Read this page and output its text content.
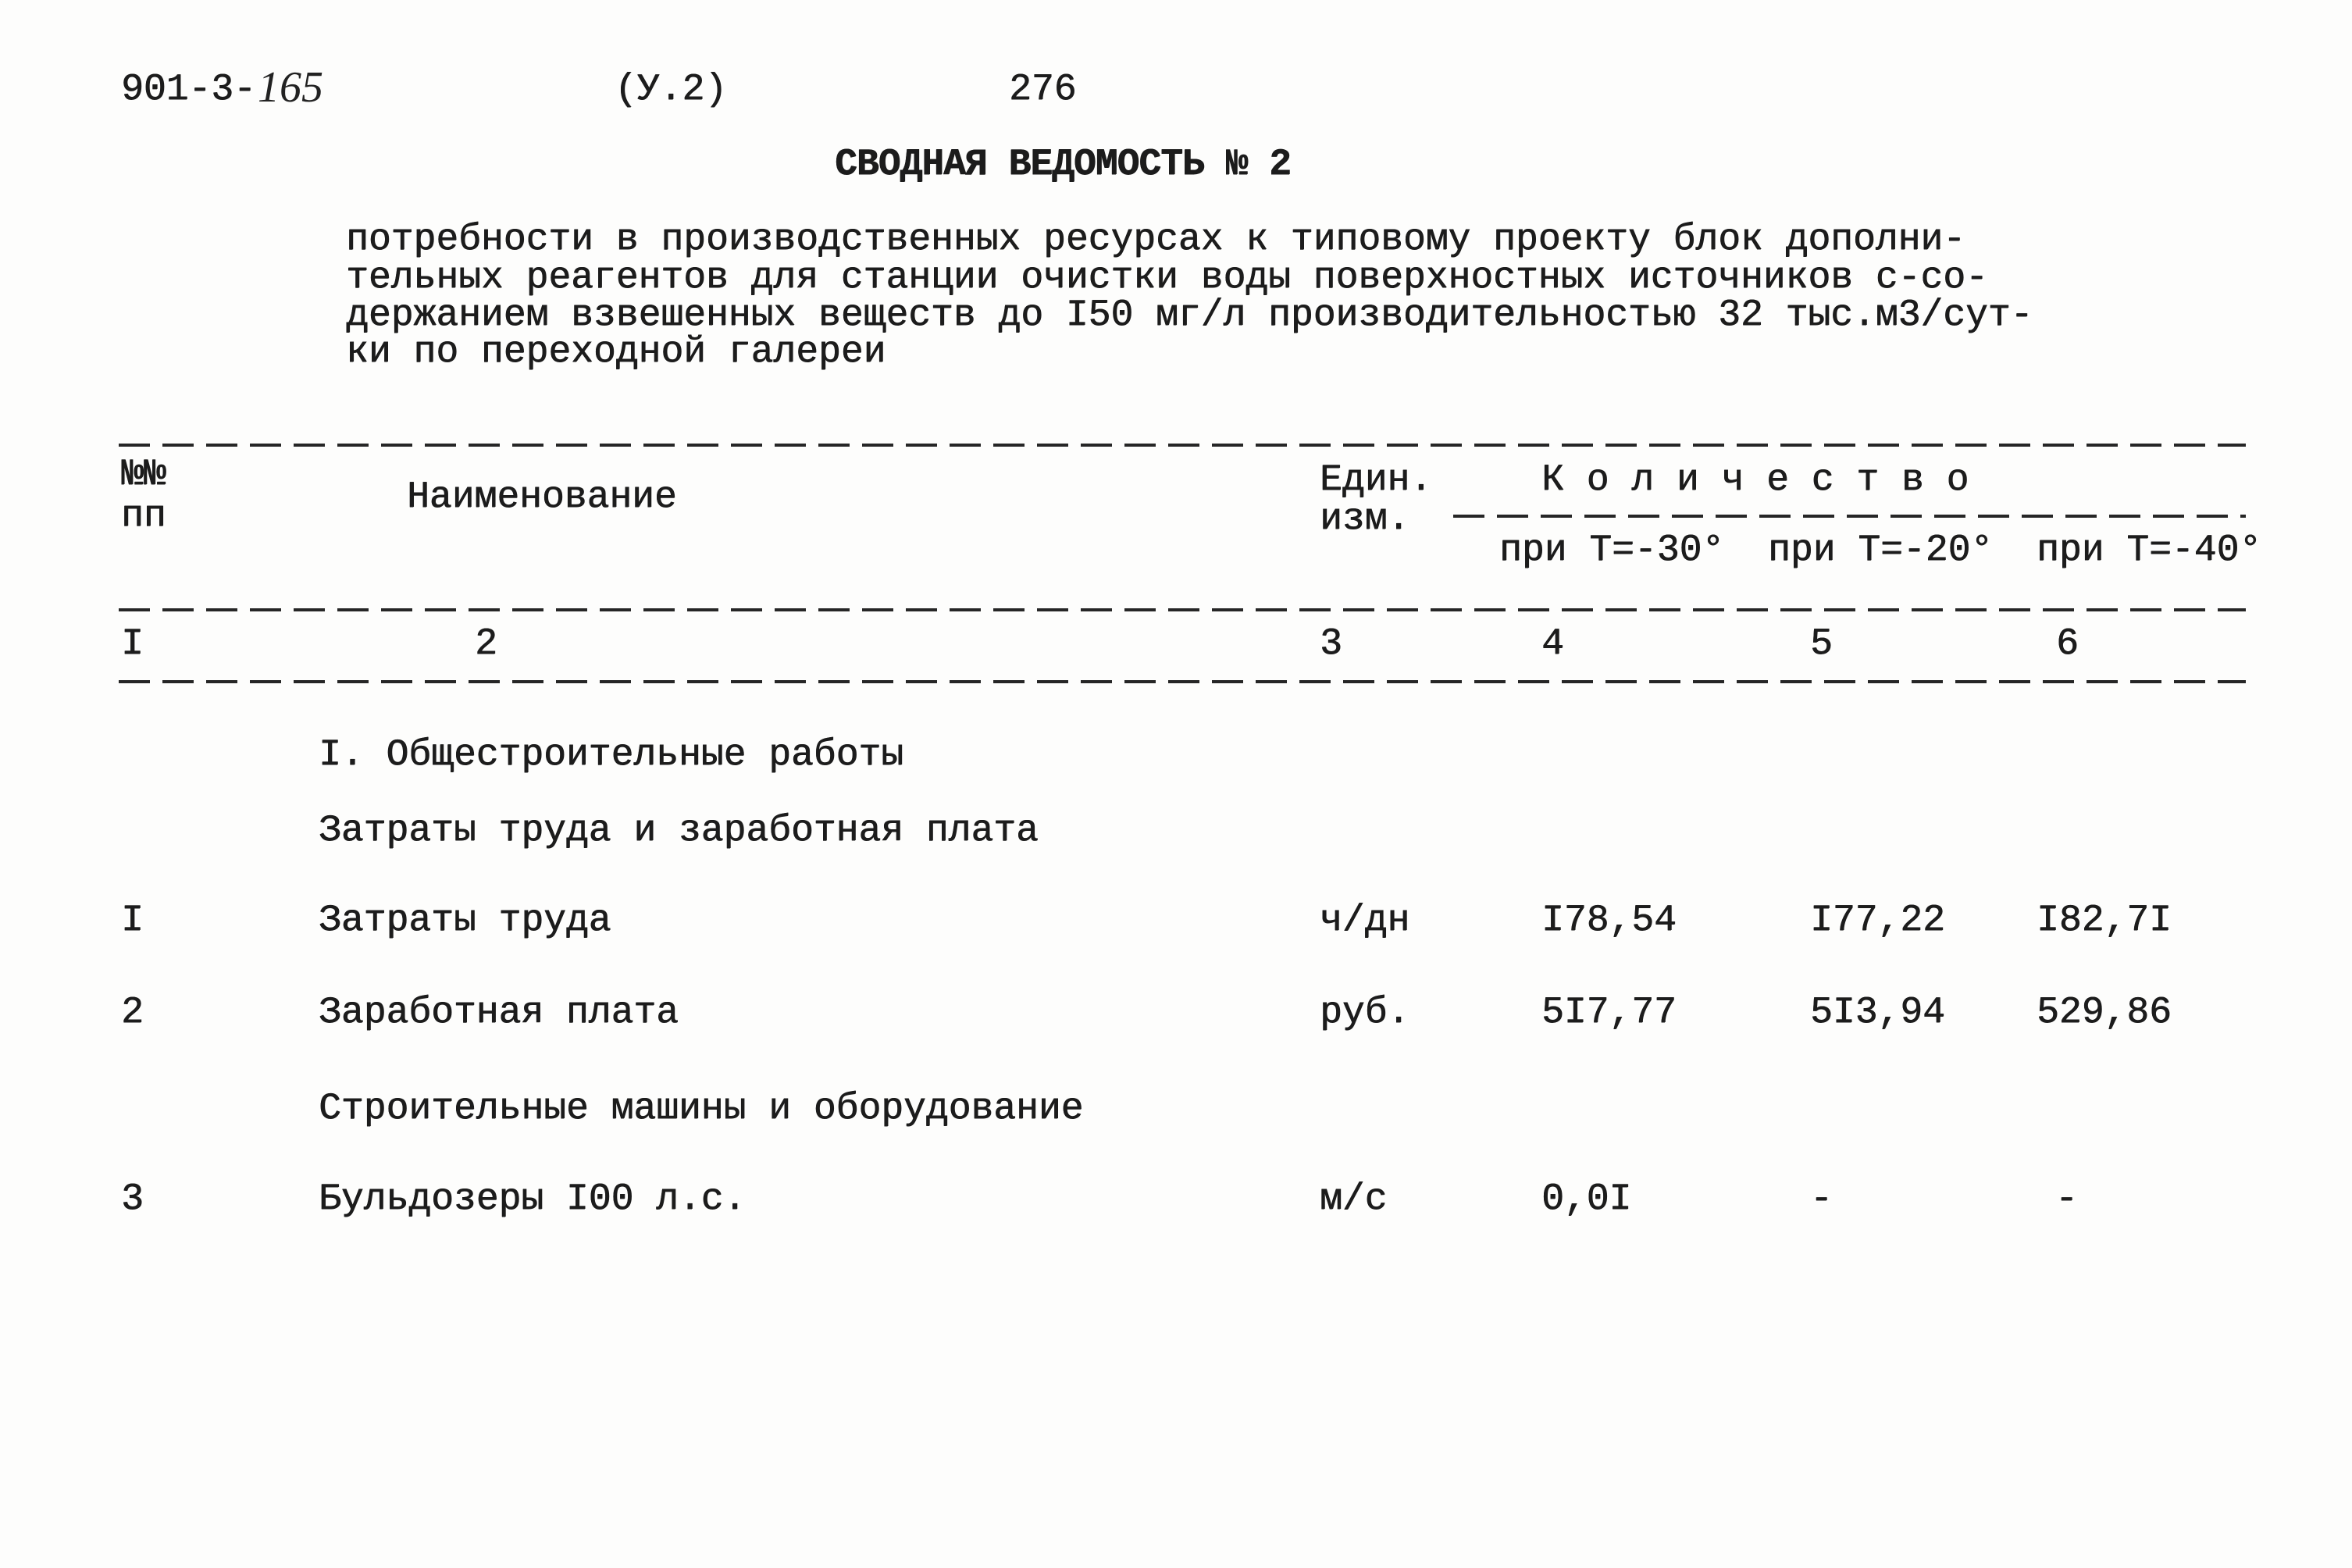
901-3- 165	(У.2)	276
СВОДНАЯ ВЕДОМОСТЬ № 2
потребности в производственных ресурсах к типовому проекту блок дополни-
тельных реагентов для станции очистки воды поверхностных источников с-со-
держанием взвешенных веществ до I50 мг/л производительностью 32 тыс.м3/сут-
ки по переходной галереи
№№
пп	Наименование	Един.
изм.
К о л и ч е с т в о
при Т=-30° при Т=-20° при Т=-40°
I	2	3	4	5	6
I. Общестроительные работы
Затраты труда и заработная плата
I	Затраты труда	ч/дн	I78,54	I77,22 I82,7I
2	Заработная плата	руб.	5I7,77	5I3,94 529,86
Строительные машины и оборудование
3	Бульдозеры I00 л.с.	м/с	0,0I	-	-
